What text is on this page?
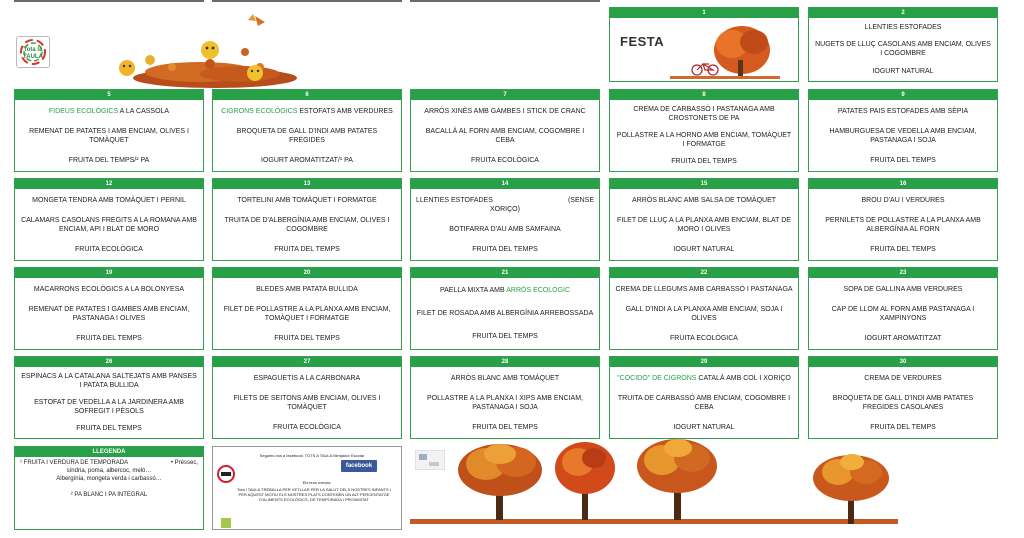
Tota la TAULA
1
FESTA
2
LLENTIES ESTOFADES
NUGETS DE LLUÇ CASOLANS AMB ENCIAM, OLIVES I COGOMBRE
IOGURT NATURAL
5
FIDEUS ECOLÒGICS A LA CASSOLA
REMENAT DE PATATES I AMB ENCIAM, OLIVES I TOMÀQUET
FRUITA DEL TEMPS/² PA
6
CIGRONS ECOLÒGICS ESTOFATS AMB VERDURES
BROQUETA DE GALL D'INDI AMB PATATES FREGIDES
IOGURT AROMATITZAT/¹ PA
7
ARRÒS XINÈS AMB GAMBES I STICK DE CRANC
BACALLÀ AL FORN AMB ENCIAM, COGOMBRE I CEBA
FRUITA ECOLÒGICA
8
CREMA DE CARBASSÓ I PASTANAGA AMB CROSTONETS DE PA
POLLASTRE A LA HORNO AMB ENCIAM, TOMÀQUET I FORMATGE
FRUITA DEL TEMPS
9
PATATES PAIS ESTOFADES AMB SÈPIA
HAMBURGUESA DE VEDELLA AMB ENCIAM, PASTANAGA I SOJA
FRUITA DEL TEMPS
12
MONGETA TENDRA AMB TOMÀQUET I PERNIL
CALAMARS CASOLANS FREGITS A LA ROMANA AMB ENCIAM, API I BLAT DE MORO
FRUITA ECOLÒGICA
13
TORTELINI AMB TOMÀQUET I FORMATGE
TRUITA DE D'ALBERGÍNIA AMB ENCIAM, OLIVES I COGOMBRE
FRUITA DEL TEMPS
14
LLENTIES ESTOFADES	(SENSE
XORIÇO)
BOTIFARRA D'AU AMB SAMFAINA
FRUITA DEL TEMPS
15
ARRÒS BLANC AMB SALSA DE TOMÀQUET
FILET DE LLUÇ A LA PLANXA AMB ENCIAM, BLAT DE MORO I OLIVES
IOGURT NATURAL
16
BROU D'AU I VERDURES
PERNILETS DE POLLASTRE A LA PLANXA AMB ALBERGÍNIA AL FORN
FRUITA DEL TEMPS
19
MACARRONS ECOLÒGICS A LA BOLONYESA
REMENAT DE PATATES I GAMBES AMB ENCIAM, PASTANAGA I OLIVES
FRUITA DEL TEMPS
20
BLEDES AMB PATATA BULLIDA
FILET DE POLLASTRE A LA PLANXA AMB ENCIAM, TOMÀQUET I FORMATGE
FRUITA DEL TEMPS
21
PAELLA MIXTA AMB ARRÒS ECOLÒGIC
FILET DE ROSADA AMB ALBERGÍNIA ARREBOSSADA
FRUITA DEL TEMPS
22
CREMA DE LLEGUMS AMB CARBASSÓ I PASTANAGA
GALL D'INDI A LA PLANXA AMB ENCIAM, SOJA I OLIVES
FRUITA ECOLÒGICA
23
SOPA DE GALLINA AMB VERDURES
CAP DE LLOM AL FORN AMB PASTANAGA I XAMPINYONS
IOGURT AROMATITZAT
26
ESPINACS A LA CATALANA SALTEJATS AMB PANSES I PATATA BULLIDA
ESTOFAT DE VEDELLA A LA JARDINERA AMB SOFREGIT I PÈSOLS
FRUITA DEL TEMPS
27
ESPAGUETIS A LA CARBONARA
FILETS DE SEITONS AMB ENCIAM, OLIVES I TOMÀQUET
FRUITA ECOLÒGICA
28
ARRÒS BLANC AMB TOMÀQUET
POLLASTRE A LA PLANXA I XIPS AMB ENCIAM, PASTANAGA I SOJA
FRUITA DEL TEMPS
29
"COCIDO" DE CIGRONS CATALÀ AMB COL I XORIÇO
TRUITA DE CARBASSÓ AMB ENCIAM, COGOMBRE I CEBA
IOGURT NATURAL
30
CREMA DE VERDURES
BROQUETA DE GALL D'INDI AMB PATATES FREGIDES CASOLANES
FRUITA DEL TEMPS
LLEGENDA
¹ FRUITA I VERDURA DE TEMPORADA	• Préssec,
síndria, poma, albercoc, meló…
Albergínia, mongeta verda i carbassó…
² PA BLANC I PA INTEGRAL
Segueix-nos a facebook: TOTS A TAULA Menjador Escolar
facebook
Els teus menús:
Tota l TAULA TREBALLA PER VETLLAR PER LA SALUT DELS NOSTRES INFANTS I PER AQUEST MOTIU ELS NOSTRES PLATS CONTENEN UN ALT PERCENTATGE D'ALIMENTS ECOLÒGICS, DE TEMPORADA I PROXIMITAT
